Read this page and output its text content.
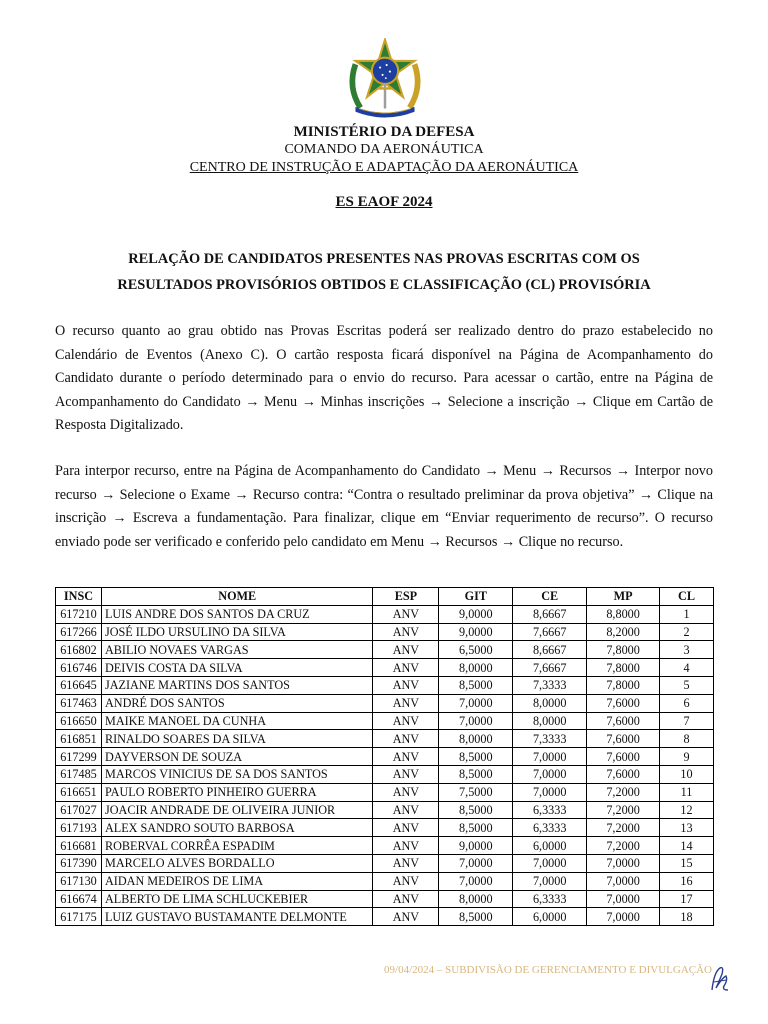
MINISTÉRIO DA DEFESA
COMANDO DA AERONÁUTICA
CENTRO DE INSTRUÇÃO E ADAPTAÇÃO DA AERONÁUTICA
ES EAOF 2024
RELAÇÃO DE CANDIDATOS PRESENTES NAS PROVAS ESCRITAS COM OS
RESULTADOS PROVISÓRIOS OBTIDOS E CLASSIFICAÇÃO (CL) PROVISÓRIA
O recurso quanto ao grau obtido nas Provas Escritas poderá ser realizado dentro do prazo estabelecido no Calendário de Eventos (Anexo C). O cartão resposta ficará disponível na Página de Acompanhamento do Candidato durante o período determinado para o envio do recurso. Para acessar o cartão, entre na Página de Acompanhamento do Candidato → Menu → Minhas inscrições → Selecione a inscrição → Clique em Cartão de Resposta Digitalizado.
Para interpor recurso, entre na Página de Acompanhamento do Candidato → Menu → Recursos → Interpor novo recurso → Selecione o Exame → Recurso contra: “Contra o resultado preliminar da prova objetiva” → Clique na inscrição → Escreva a fundamentação. Para finalizar, clique em “Enviar requerimento de recurso”. O recurso enviado pode ser verificado e conferido pelo candidato em Menu → Recursos → Clique no recurso.
INSC	NOME	ESP	GIT	CE	MP	CL
617210	LUIS ANDRE DOS SANTOS DA CRUZ	ANV	9,0000	8,6667	8,8000	1
617266	JOSÉ ILDO URSULINO DA SILVA	ANV	9,0000	7,6667	8,2000	2
616802	ABILIO NOVAES VARGAS	ANV	6,5000	8,6667	7,8000	3
616746	DEIVIS COSTA DA SILVA	ANV	8,0000	7,6667	7,8000	4
616645	JAZIANE MARTINS DOS SANTOS	ANV	8,5000	7,3333	7,8000	5
617463	ANDRÉ DOS SANTOS	ANV	7,0000	8,0000	7,6000	6
616650	MAIKE MANOEL DA CUNHA	ANV	7,0000	8,0000	7,6000	7
616851	RINALDO SOARES DA SILVA	ANV	8,0000	7,3333	7,6000	8
617299	DAYVERSON DE SOUZA	ANV	8,5000	7,0000	7,6000	9
617485	MARCOS VINICIUS DE SA DOS SANTOS	ANV	8,5000	7,0000	7,6000	10
616651	PAULO ROBERTO PINHEIRO GUERRA	ANV	7,5000	7,0000	7,2000	11
617027	JOACIR ANDRADE DE OLIVEIRA JUNIOR	ANV	8,5000	6,3333	7,2000	12
617193	ALEX SANDRO SOUTO BARBOSA	ANV	8,5000	6,3333	7,2000	13
616681	ROBERVAL CORRÊA ESPADIM	ANV	9,0000	6,0000	7,2000	14
617390	MARCELO ALVES BORDALLO	ANV	7,0000	7,0000	7,0000	15
617130	AIDAN MEDEIROS DE LIMA	ANV	7,0000	7,0000	7,0000	16
616674	ALBERTO DE LIMA SCHLUCKEBIER	ANV	8,0000	6,3333	7,0000	17
617175	LUIZ GUSTAVO BUSTAMANTE DELMONTE	ANV	8,5000	6,0000	7,0000	18
09/04/2024 – SUBDIVISÃO DE GERENCIAMENTO E DIVULGAÇÃO
